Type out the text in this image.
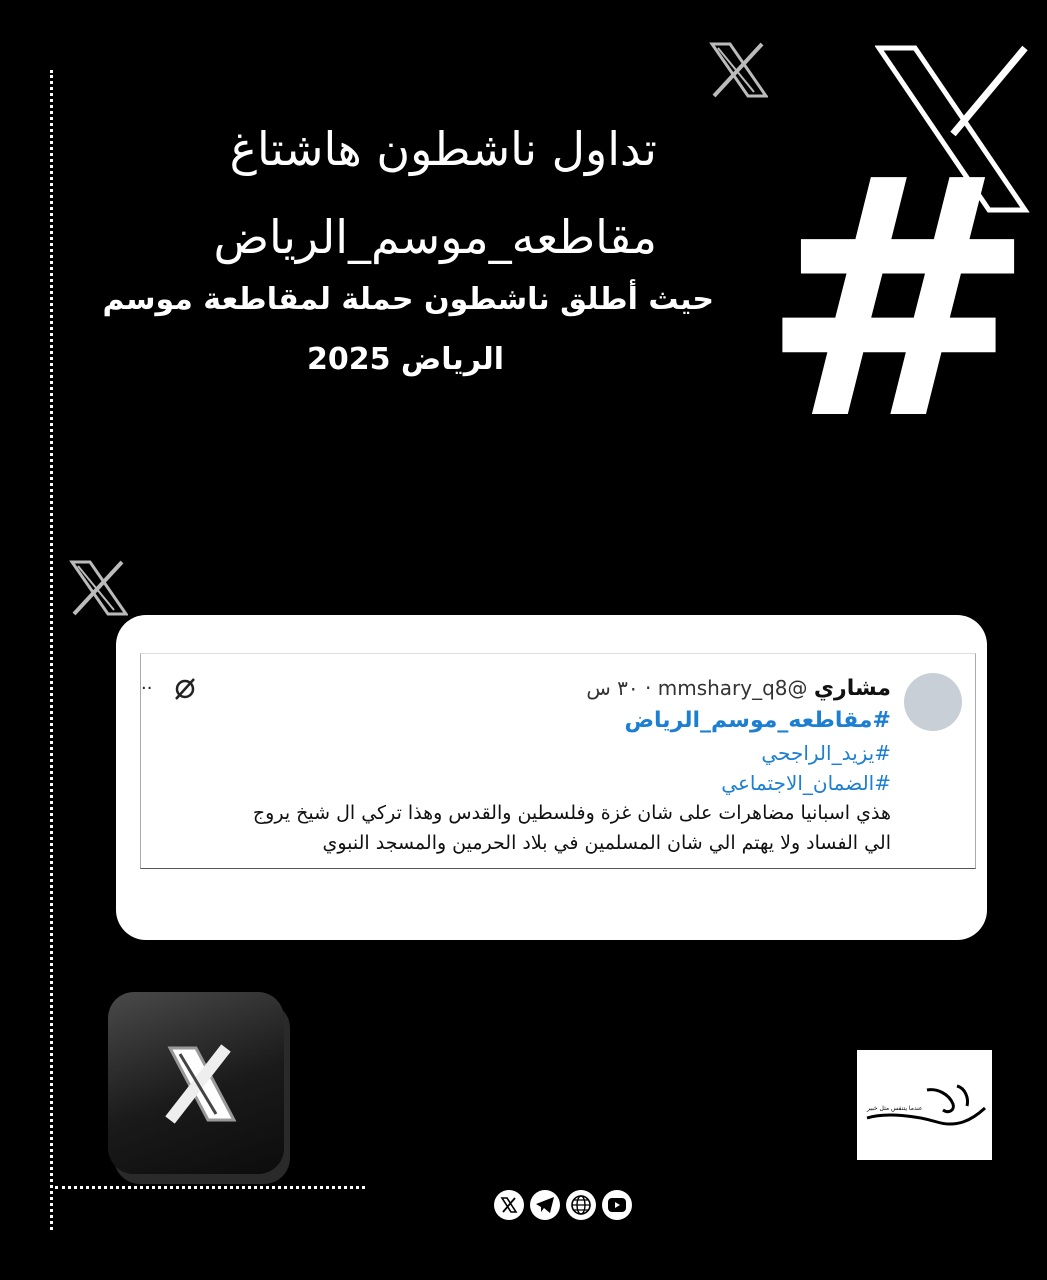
#
تداول ناشطون هاشتاغ
مقاطعه_موسم_الرياض
حيث أطلق ناشطون حملة لمقاطعة موسم
الرياض 2025
مشاري @mmshary_q8 · ٣٠ س
··
#مقاطعه_موسم_الرياض
#يزيد_الراجحي
#الضمان_الاجتماعي
هذي اسبانيا مضاهرات على شان غزة وفلسطين والقدس وهذا تركي ال شيخ يروج
الي الفساد ولا يهتم الي شان المسلمين في بلاد الحرمين والمسجد النبوي
عندما يتنفس مثل خبير
